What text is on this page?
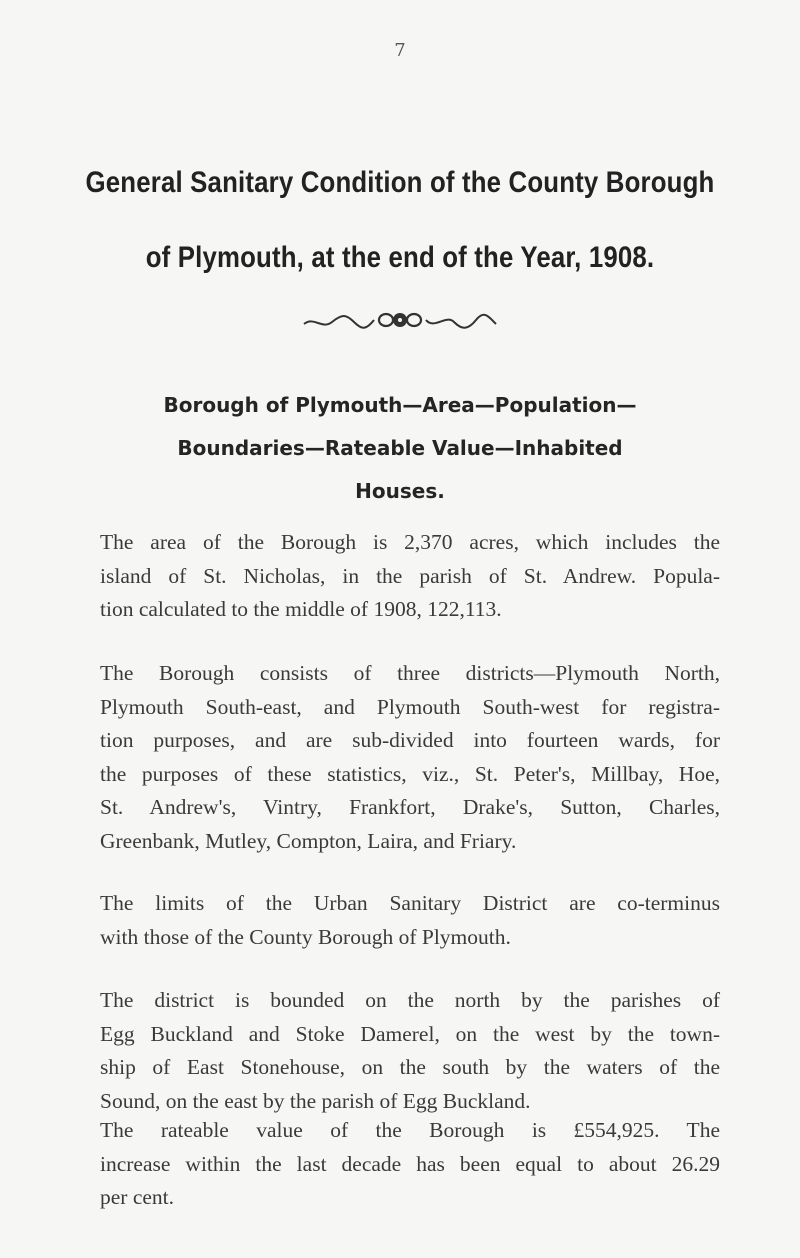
7
General Sanitary Condition of the County Borough
of Plymouth, at the end of the Year, 1908.
Borough of Plymouth—Area—Population—
Boundaries—Rateable Value—Inhabited
Houses.

The area of the Borough is 2,370 acres, which includes the
island of St. Nicholas, in the parish of St. Andrew. Popula-
tion calculated to the middle of 1908, 122,113.

The Borough consists of three districts—Plymouth North,
Plymouth South-east, and Plymouth South-west for registra-
tion purposes, and are sub-divided into fourteen wards, for
the purposes of these statistics, viz., St. Peter's, Millbay, Hoe,
St. Andrew's, Vintry, Frankfort, Drake's, Sutton, Charles,
Greenbank, Mutley, Compton, Laira, and Friary.

The limits of the Urban Sanitary District are co-terminus
with those of the County Borough of Plymouth.

The district is bounded on the north by the parishes of
Egg Buckland and Stoke Damerel, on the west by the town-
ship of East Stonehouse, on the south by the waters of the
Sound, on the east by the parish of Egg Buckland.

The rateable value of the Borough is £554,925. The
increase within the last decade has been equal to about 26.29
per cent.
